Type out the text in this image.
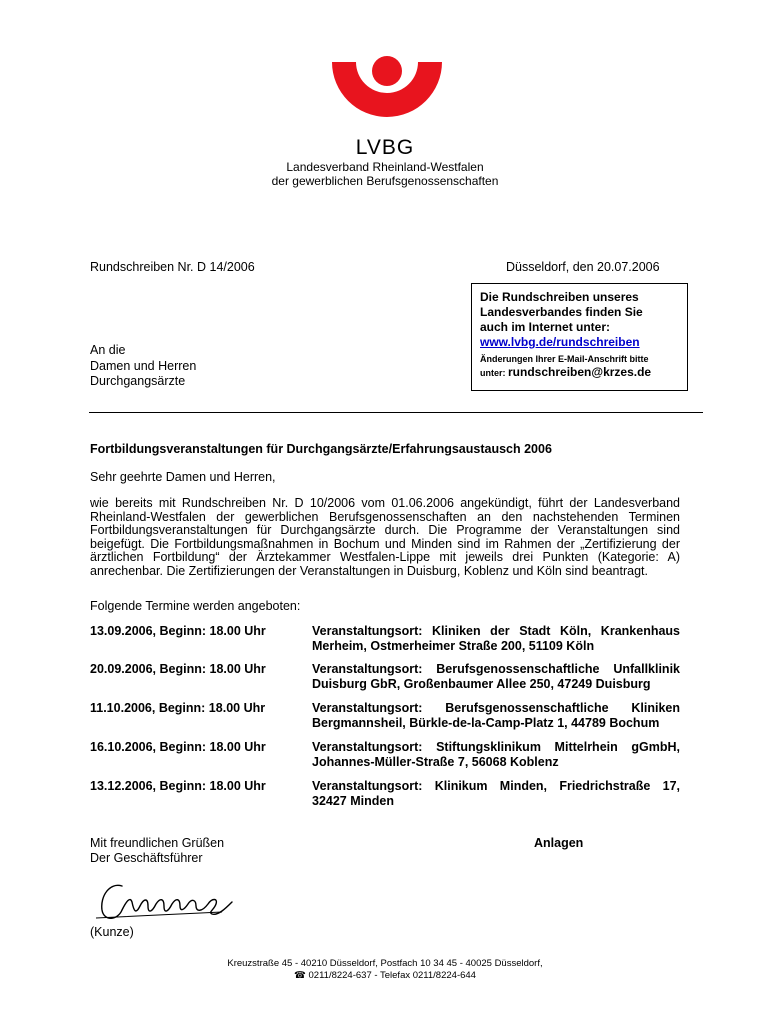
LVBG
Landesverband Rheinland-Westfalen
der gewerblichen Berufsgenossenschaften
Rundschreiben Nr. D 14/2006	Düsseldorf, den 20.07.2006
Die Rundschreiben unseres
Landesverbandes finden Sie
auch im Internet unter:
www.lvbg.de/rundschreiben
Änderungen Ihrer E-Mail-Anschrift bitte
unter: rundschreiben@krzes.de
An die
Damen und Herren
Durchgangsärzte
Fortbildungsveranstaltungen für Durchgangsärzte/Erfahrungsaustausch 2006
Sehr geehrte Damen und Herren,
wie bereits mit Rundschreiben Nr. D 10/2006 vom 01.06.2006 angekündigt, führt der Landesverband Rheinland-Westfalen der gewerblichen Berufsgenossenschaften an den nachstehenden Terminen Fortbildungsveranstaltungen für Durchgangsärzte durch. Die Programme der Veranstaltungen sind beigefügt. Die Fortbildungsmaßnahmen in Bochum und Minden sind im Rahmen der „Zertifizierung der ärztlichen Fortbildung“ der Ärztekammer Westfalen-Lippe mit jeweils drei Punkten (Kategorie: A) anrechenbar. Die Zertifizierungen der Veranstaltungen in Duisburg, Koblenz und Köln sind beantragt.
Folgende Termine werden angeboten:
13.09.2006, Beginn: 18.00 Uhr	Veranstaltungsort: Kliniken der Stadt Köln, Krankenhaus Merheim, Ostmerheimer Straße 200, 51109 Köln
20.09.2006, Beginn: 18.00 Uhr	Veranstaltungsort: Berufsgenossenschaftliche Unfallklinik Duisburg GbR, Großenbaumer Allee 250, 47249 Duisburg
11.10.2006, Beginn: 18.00 Uhr	Veranstaltungsort: Berufsgenossenschaftliche Kliniken Bergmannsheil, Bürkle-de-la-Camp-Platz 1, 44789 Bochum
16.10.2006, Beginn: 18.00 Uhr	Veranstaltungsort: Stiftungsklinikum Mittelrhein gGmbH, Johannes-Müller-Straße 7, 56068 Koblenz
13.12.2006, Beginn: 18.00 Uhr	Veranstaltungsort: Klinikum Minden, Friedrichstraße 17, 32427 Minden
Mit freundlichen Grüßen
Der Geschäftsführer
Anlagen
(Kunze)
Kreuzstraße 45 - 40210 Düsseldorf, Postfach 10 34 45 - 40025 Düsseldorf,
☎ 0211/8224-637 - Telefax 0211/8224-644
